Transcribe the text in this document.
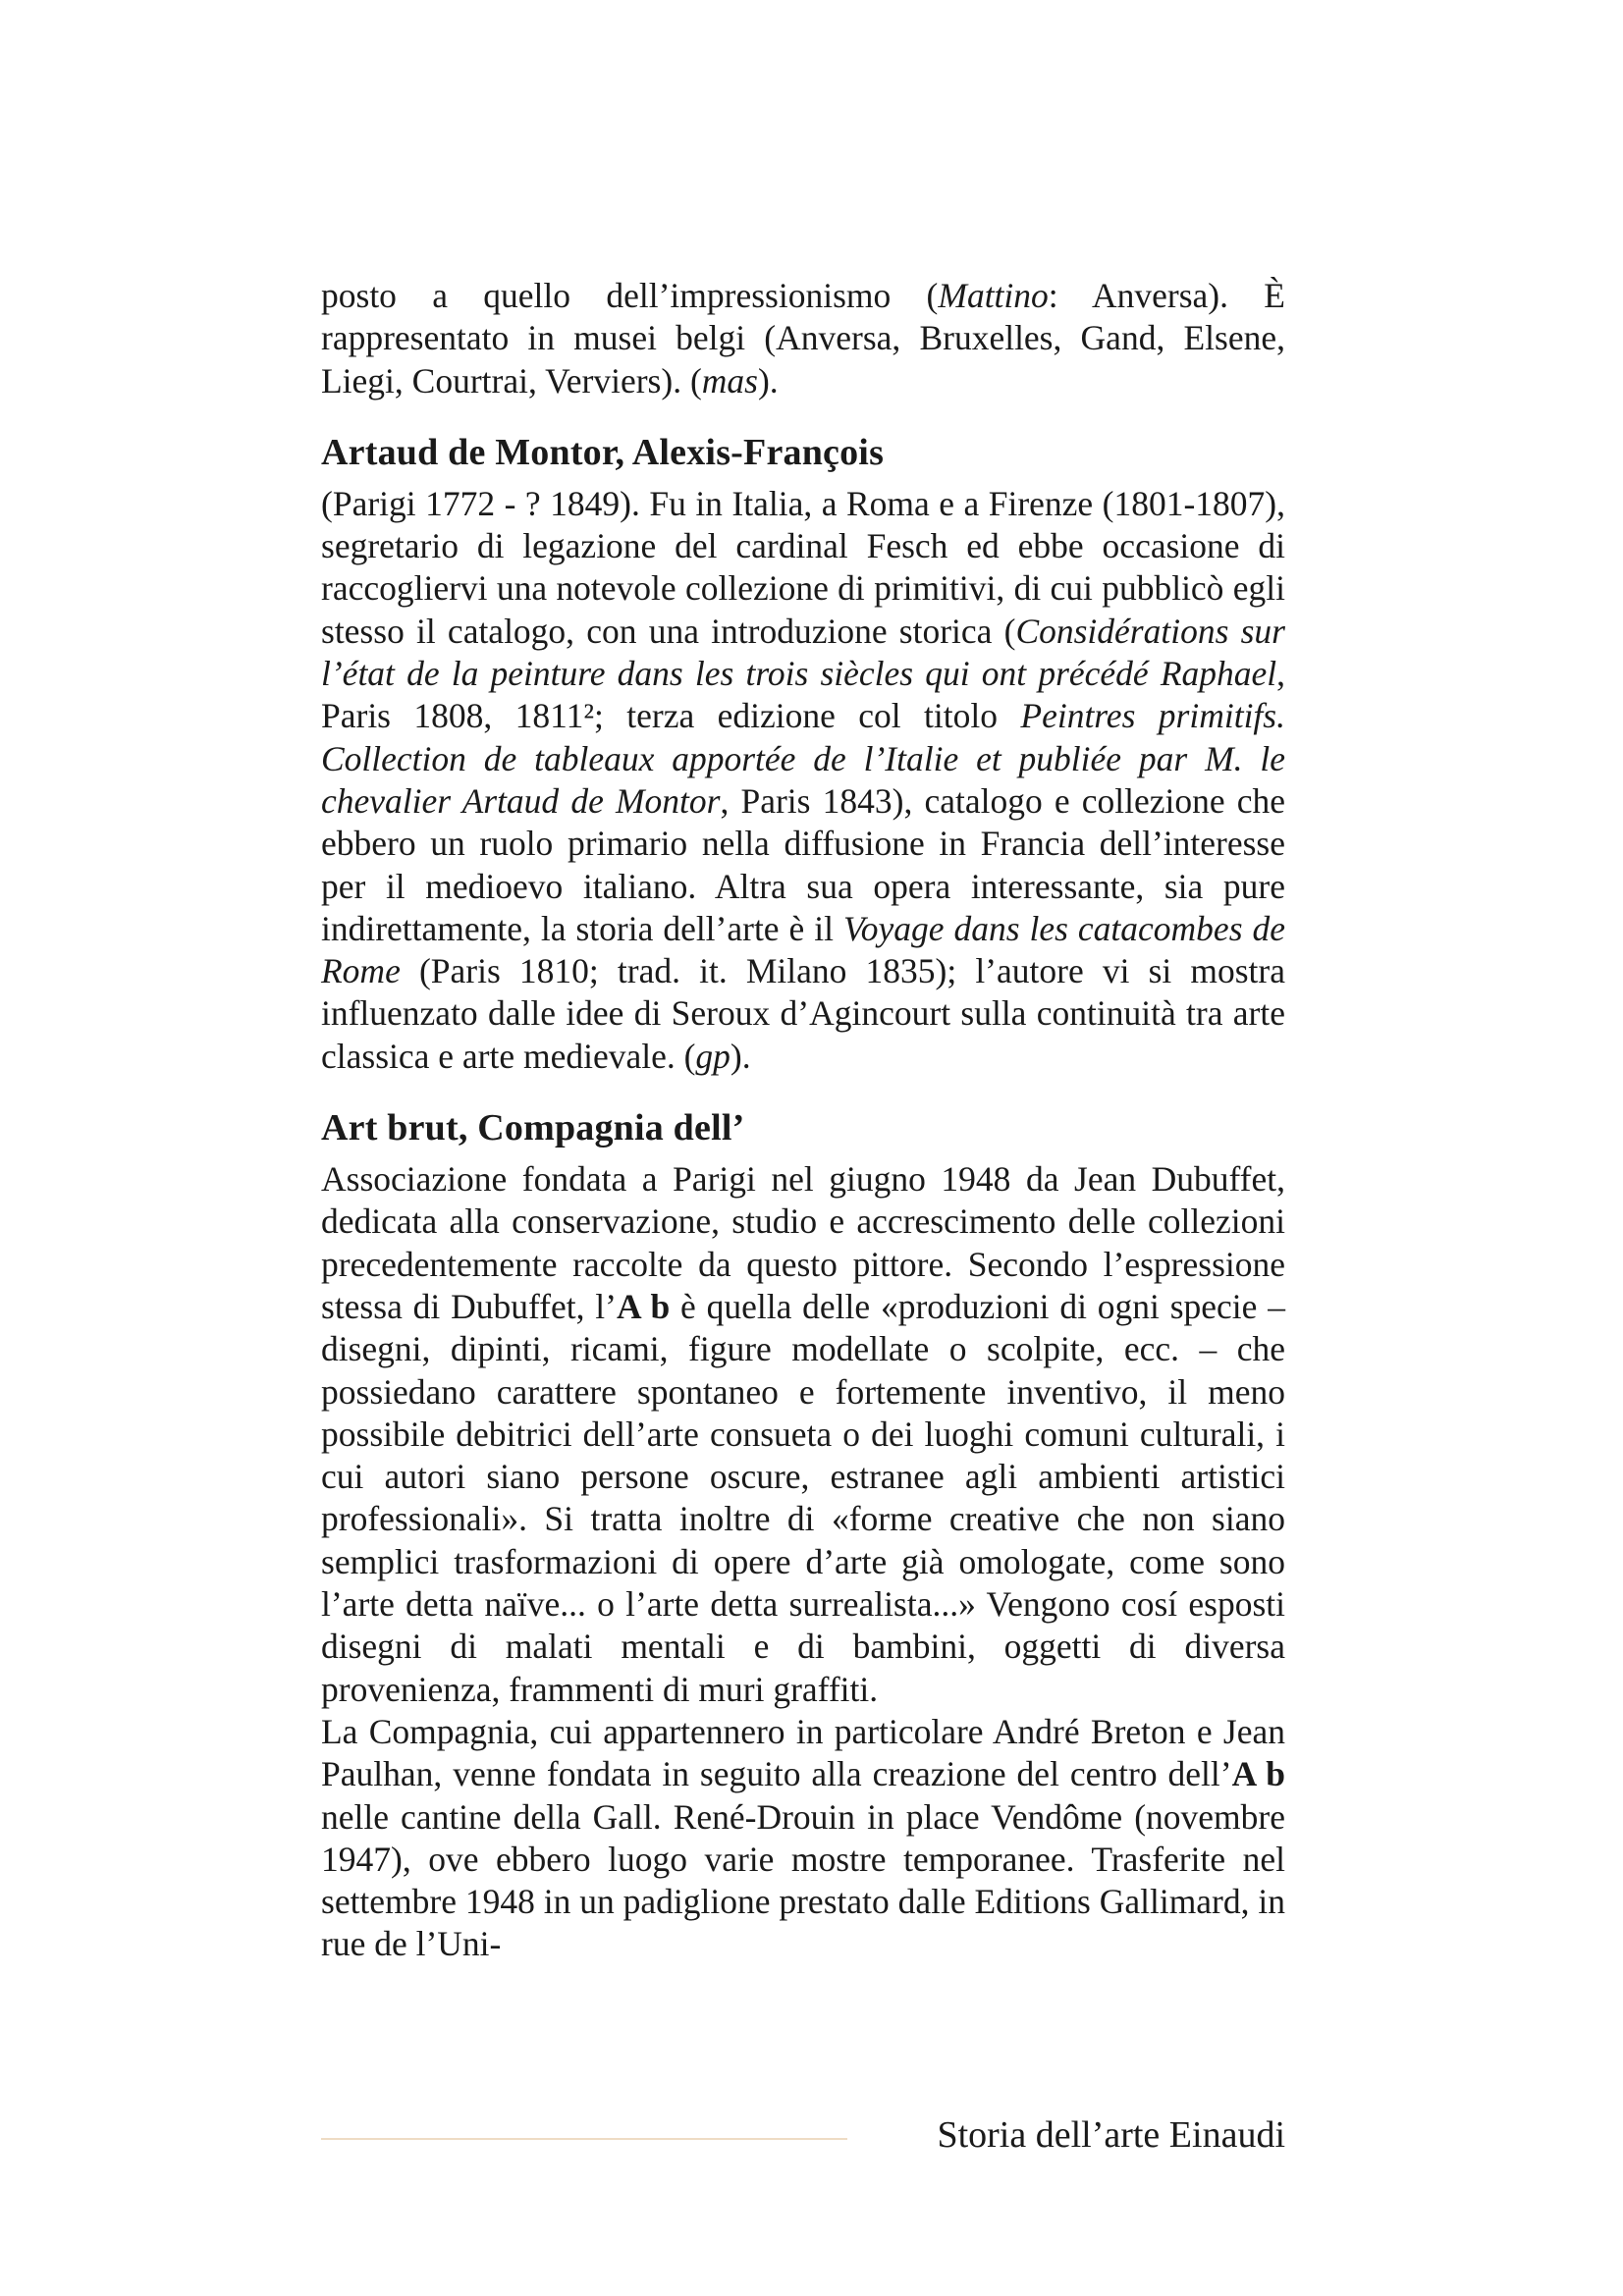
posto a quello dell’impressionismo (Mattino: Anversa). È rappresentato in musei belgi (Anversa, Bruxelles, Gand, Elsene, Liegi, Courtrai, Verviers). (mas).

Artaud de Montor, Alexis-François

(Parigi 1772 - ? 1849). Fu in Italia, a Roma e a Firenze (1801-1807), segretario di legazione del cardinal Fesch ed ebbe occasione di raccogliervi una notevole collezione di primitivi, di cui pubblicò egli stesso il catalogo, con una introduzione storica (Considérations sur l’état de la peinture dans les trois siècles qui ont précédé Raphael, Paris 1808, 1811²; terza edizione col titolo Peintres primitifs. Collection de tableaux apportée de l’Italie et publiée par M. le chevalier Artaud de Montor, Paris 1843), catalogo e collezione che ebbero un ruolo primario nella diffusione in Francia dell’interesse per il medioevo italiano. Altra sua opera interessante, sia pure indirettamente, la storia dell’arte è il Voyage dans les catacombes de Rome (Paris 1810; trad. it. Milano 1835); l’autore vi si mostra influenzato dalle idee di Seroux d’Agincourt sulla continuità tra arte classica e arte medievale. (gp).

Art brut, Compagnia dell’

Associazione fondata a Parigi nel giugno 1948 da Jean Dubuffet, dedicata alla conservazione, studio e accrescimento delle collezioni precedentemente raccolte da questo pittore. Secondo l’espressione stessa di Dubuffet, l’A b è quella delle «produzioni di ogni specie – disegni, dipinti, ricami, figure modellate o scolpite, ecc. – che possiedano carattere spontaneo e fortemente inventivo, il meno possibile debitrici dell’arte consueta o dei luoghi comuni culturali, i cui autori siano persone oscure, estranee agli ambienti artistici professionali». Si tratta inoltre di «forme creative che non siano semplici trasformazioni di opere d’arte già omologate, come sono l’arte detta naïve... o l’arte detta surrealista...» Vengono cosí esposti disegni di malati mentali e di bambini, oggetti di diversa provenienza, frammenti di muri graffiti.

La Compagnia, cui appartennero in particolare André Breton e Jean Paulhan, venne fondata in seguito alla creazione del centro dell’A b nelle cantine della Gall. René-Drouin in place Vendôme (novembre 1947), ove ebbero luogo varie mostre temporanee. Trasferite nel settembre 1948 in un padiglione prestato dalle Editions Gallimard, in rue de l’Uni-

Storia dell’arte Einaudi
